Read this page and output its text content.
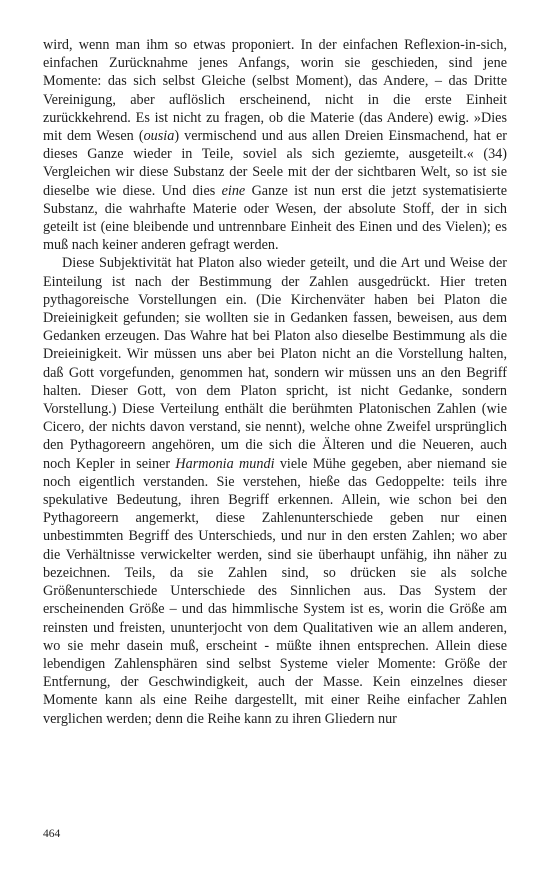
wird, wenn man ihm so etwas proponiert. In der einfachen Reflexion-in-sich, einfachen Zurücknahme jenes Anfangs, worin sie geschieden, sind jene Momente: das sich selbst Gleiche (selbst Moment), das Andere, – das Dritte Vereinigung, aber auflöslich erscheinend, nicht in die erste Einheit zurückkehrend. Es ist nicht zu fragen, ob die Materie (das Andere) ewig. »Dies mit dem Wesen (ousia) vermischend und aus allen Dreien Einsmachend, hat er dieses Ganze wieder in Teile, soviel als sich geziemte, ausgeteilt.« (34) Vergleichen wir diese Substanz der Seele mit der der sichtbaren Welt, so ist sie dieselbe wie diese. Und dies eine Ganze ist nun erst die jetzt systematisierte Substanz, die wahrhafte Materie oder Wesen, der absolute Stoff, der in sich geteilt ist (eine bleibende und untrennbare Einheit des Einen und des Vielen); es muß nach keiner anderen gefragt werden.

Diese Subjektivität hat Platon also wieder geteilt, und die Art und Weise der Einteilung ist nach der Bestimmung der Zahlen ausgedrückt. Hier treten pythagoreische Vorstellungen ein. (Die Kirchenväter haben bei Platon die Dreieinigkeit gefunden; sie wollten sie in Gedanken fassen, beweisen, aus dem Gedanken erzeugen. Das Wahre hat bei Platon also dieselbe Bestimmung als die Dreieinigkeit. Wir müssen uns aber bei Platon nicht an die Vorstellung halten, daß Gott vorgefunden, genommen hat, sondern wir müssen uns an den Begriff halten. Dieser Gott, von dem Platon spricht, ist nicht Gedanke, sondern Vorstellung.) Diese Verteilung enthält die berühmten Platonischen Zahlen (wie Cicero, der nichts davon verstand, sie nennt), welche ohne Zweifel ursprünglich den Pythagoreern angehören, um die sich die Älteren und die Neueren, auch noch Kepler in seiner Harmonia mundi viele Mühe gegeben, aber niemand sie noch eigentlich verstanden. Sie verstehen, hieße das Gedoppelte: teils ihre spekulative Bedeutung, ihren Begriff erkennen. Allein, wie schon bei den Pythagoreern angemerkt, diese Zahlenunterschiede geben nur einen unbestimmten Begriff des Unterschieds, und nur in den ersten Zahlen; wo aber die Verhältnisse verwickelter werden, sind sie überhaupt unfähig, ihn näher zu bezeichnen. Teils, da sie Zahlen sind, so drücken sie als solche Größenunterschiede Unterschiede des Sinnlichen aus. Das System der erscheinenden Größe – und das himmlische System ist es, worin die Größe am reinsten und freisten, ununterjocht von dem Qualitativen wie an allem anderen, wo sie mehr dasein muß, erscheint - müßte ihnen entsprechen. Allein diese lebendigen Zahlensphären sind selbst Systeme vieler Momente: Größe der Entfernung, der Geschwindigkeit, auch der Masse. Kein einzelnes dieser Momente kann als eine Reihe dargestellt, mit einer Reihe einfacher Zahlen verglichen werden; denn die Reihe kann zu ihren Gliedern nur

464
